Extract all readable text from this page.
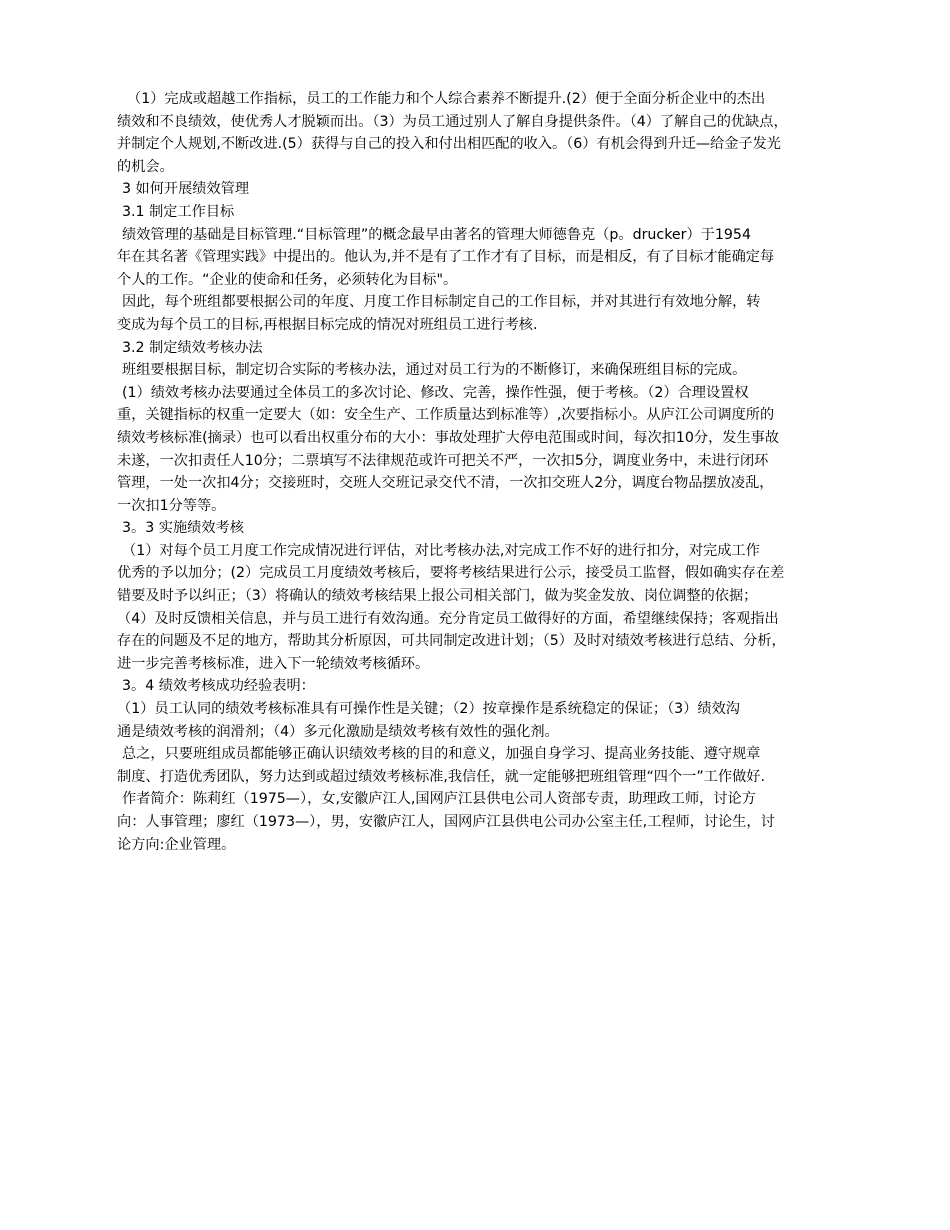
（1）完成或超越工作指标，员工的工作能力和个人综合素养不断提升.(2）便于全面分析企业中的杰出
绩效和不良绩效，使优秀人才脱颖而出。（3）为员工通过别人了解自身提供条件。（4）了解自己的优缺点，
并制定个人规划,不断改进.(5）获得与自己的投入和付出相匹配的收入。（6）有机会得到升迁—给金子发光
的机会。
3 如何开展绩效管理
3.1 制定工作目标
绩效管理的基础是目标管理.“目标管理”的概念最早由著名的管理大师德鲁克（p。drucker）于1954
年在其名著《管理实践》中提出的。他认为,并不是有了工作才有了目标，而是相反，有了目标才能确定每
个人的工作。“企业的使命和任务，必须转化为目标"。
因此，每个班组都要根据公司的年度、月度工作目标制定自己的工作目标，并对其进行有效地分解，转
变成为每个员工的目标,再根据目标完成的情况对班组员工进行考核.
3.2 制定绩效考核办法
班组要根据目标，制定切合实际的考核办法，通过对员工行为的不断修订，来确保班组目标的完成。
(1）绩效考核办法要通过全体员工的多次讨论、修改、完善，操作性强，便于考核。（2）合理设置权
重，关键指标的权重一定要大（如：安全生产、工作质量达到标准等）,次要指标小。从庐江公司调度所的
绩效考核标准(摘录）也可以看出权重分布的大小：事故处理扩大停电范围或时间，每次扣10分，发生事故
未遂，一次扣责任人10分；二票填写不法律规范或许可把关不严，一次扣5分，调度业务中，未进行闭环
管理，一处一次扣4分；交接班时，交班人交班记录交代不清，一次扣交班人2分，调度台物品摆放凌乱，
一次扣1分等等。
3。3 实施绩效考核
（1）对每个员工月度工作完成情况进行评估，对比考核办法,对完成工作不好的进行扣分，对完成工作
优秀的予以加分；(2）完成员工月度绩效考核后，要将考核结果进行公示，接受员工监督，假如确实存在差
错要及时予以纠正；（3）将确认的绩效考核结果上报公司相关部门，做为奖金发放、岗位调整的依据；
（4）及时反馈相关信息，并与员工进行有效沟通。充分肯定员工做得好的方面，希望继续保持；客观指出
存在的问题及不足的地方，帮助其分析原因，可共同制定改进计划；（5）及时对绩效考核进行总结、分析，
进一步完善考核标准，进入下一轮绩效考核循环。
3。4 绩效考核成功经验表明：
（1）员工认同的绩效考核标准具有可操作性是关键；（2）按章操作是系统稳定的保证；（3）绩效沟
通是绩效考核的润滑剂；（4）多元化激励是绩效考核有效性的强化剂。
总之，只要班组成员都能够正确认识绩效考核的目的和意义，加强自身学习、提高业务技能、遵守规章
制度、打造优秀团队，努力达到或超过绩效考核标准,我信任，就一定能够把班组管理“四个一”工作做好.
作者简介：陈莉红（1975—），女,安徽庐江人,国网庐江县供电公司人资部专责，助理政工师，讨论方
向：人事管理；廖红（1973—），男，安徽庐江人，国网庐江县供电公司办公室主任,工程师，讨论生，讨
论方向:企业管理。
